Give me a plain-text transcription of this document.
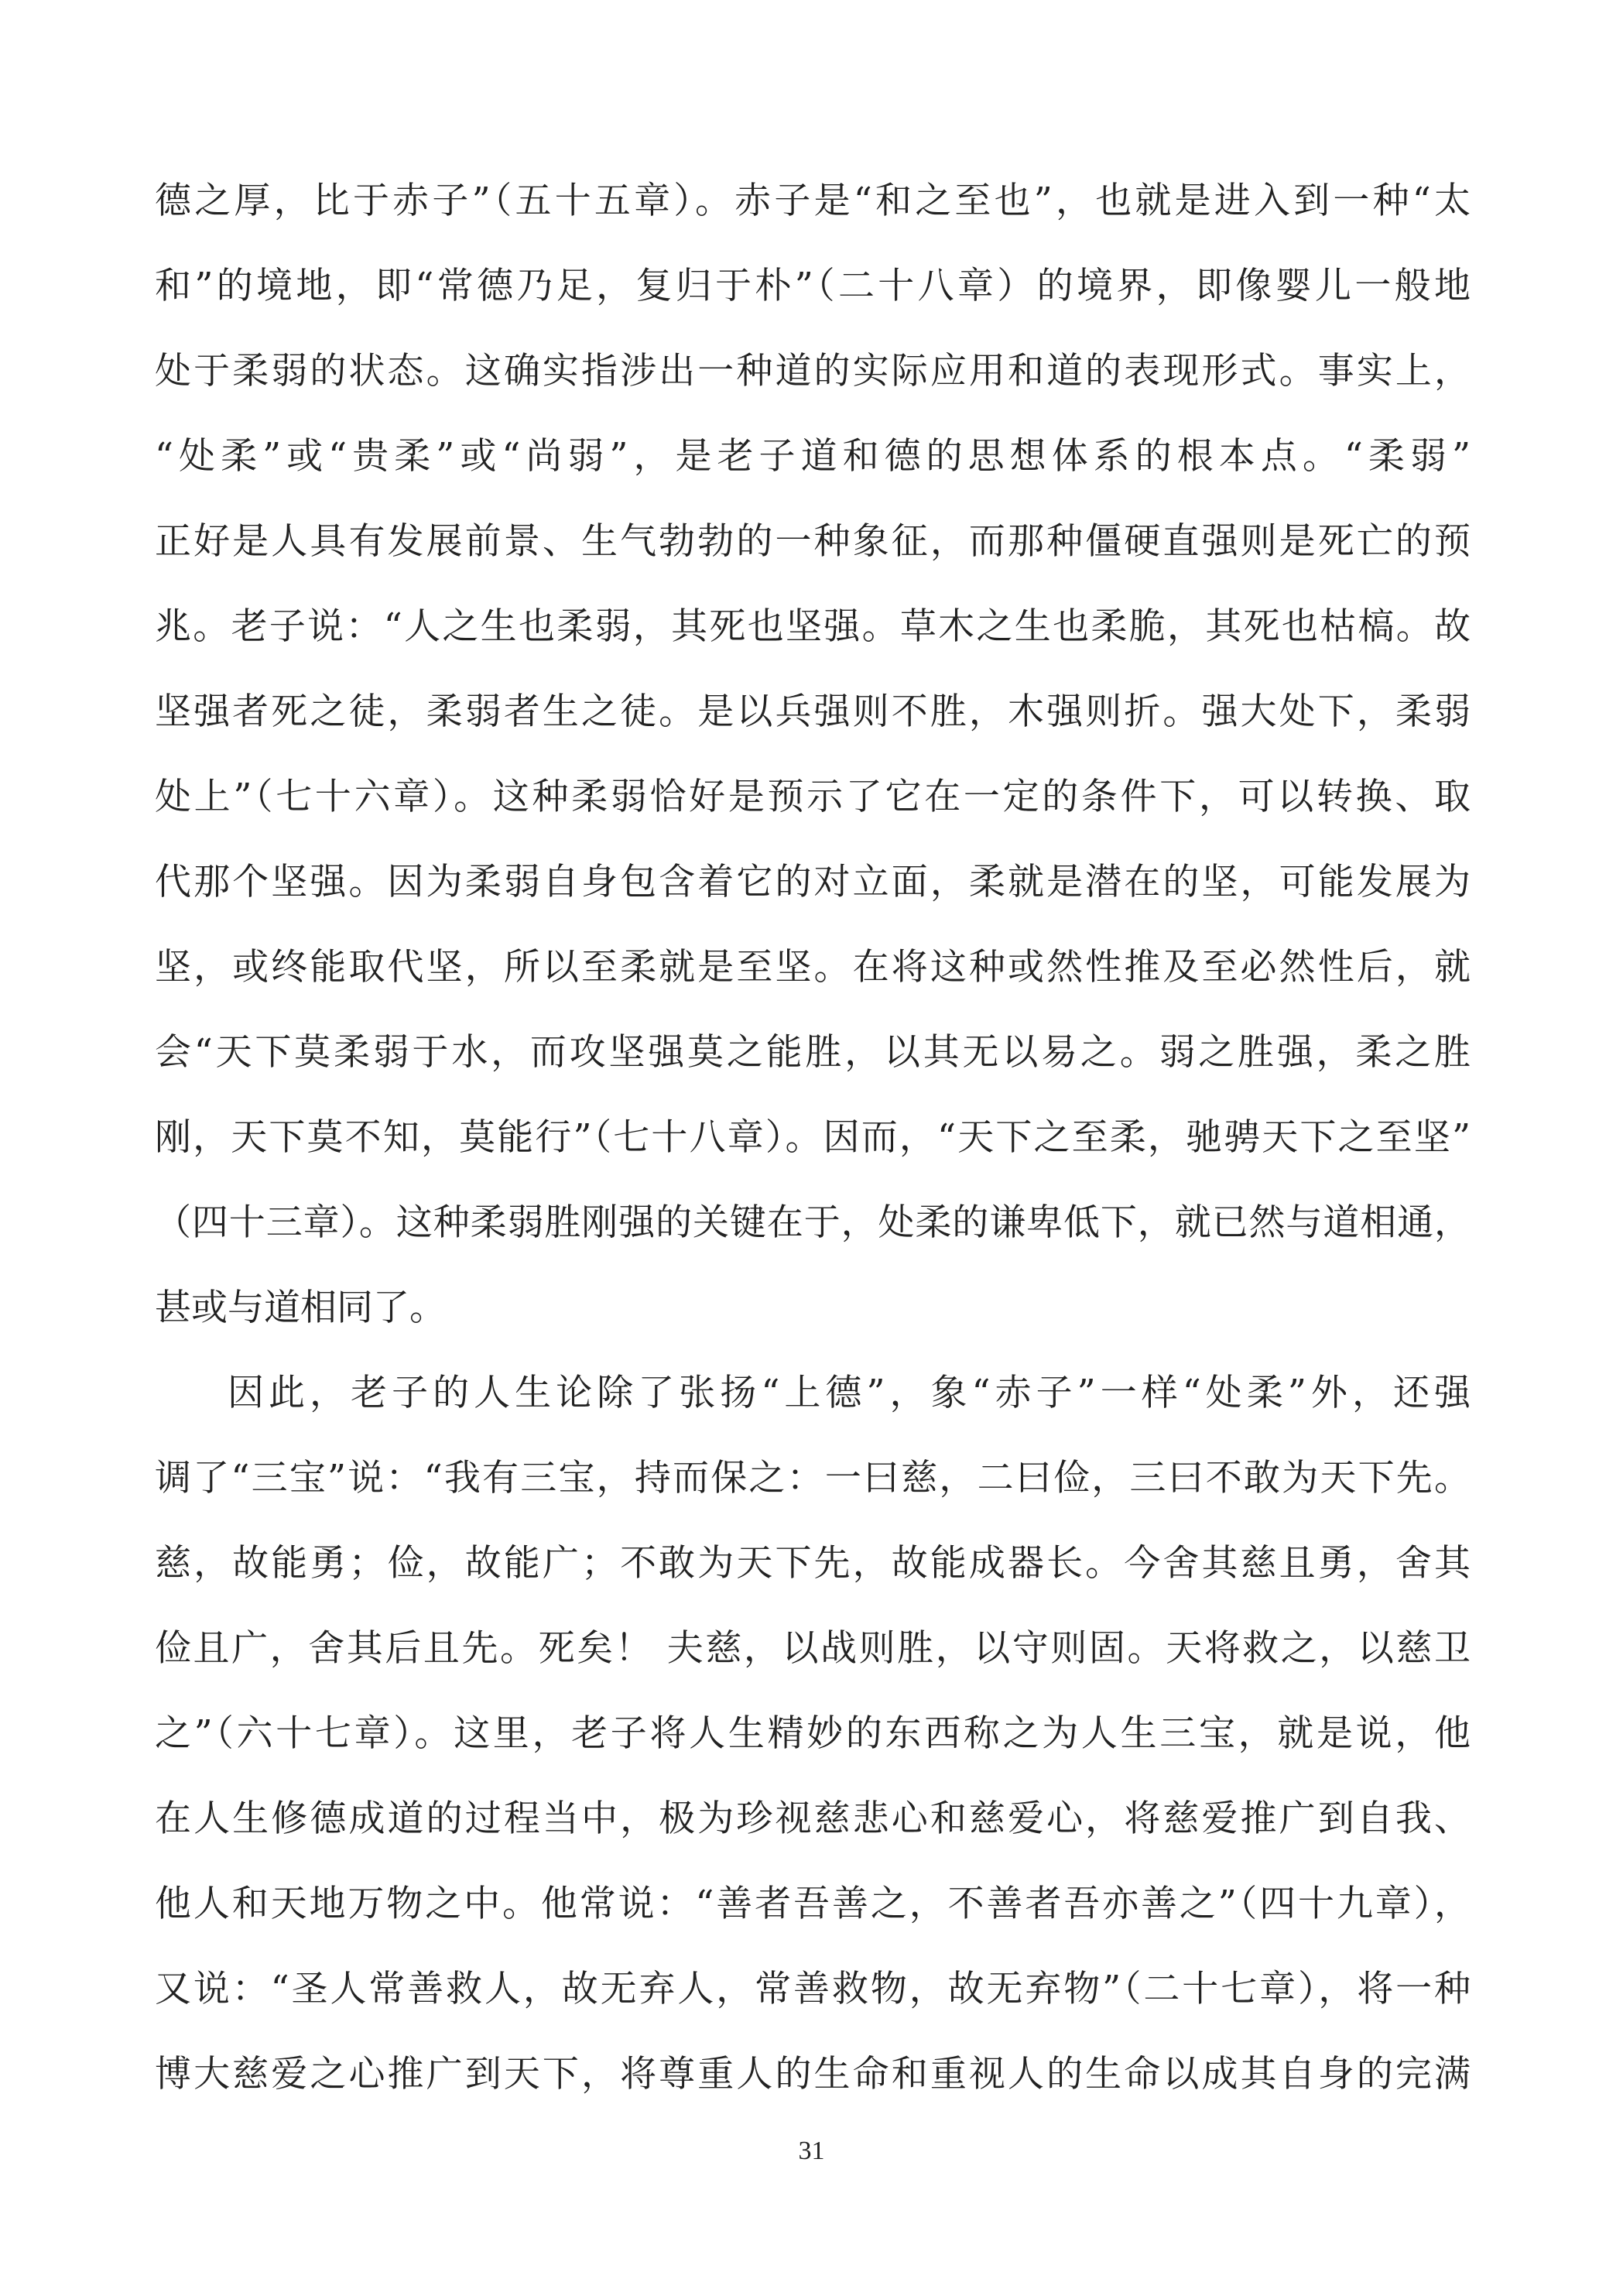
德之厚，比于赤子”（五十五章）。赤子是“和之至也”，也就是进入到一种“太
和”的境地，即“常德乃足，复归于朴”（二十八章）的境界，即像婴儿一般地
处于柔弱的状态。这确实指涉出一种道的实际应用和道的表现形式。事实上，
“处柔”或“贵柔”或“尚弱”，是老子道和德的思想体系的根本点。“柔弱”
正好是人具有发展前景、生气勃勃的一种象征，而那种僵硬直强则是死亡的预
兆。老子说：“人之生也柔弱，其死也坚强。草木之生也柔脆，其死也枯槁。故
坚强者死之徒，柔弱者生之徒。是以兵强则不胜，木强则折。强大处下，柔弱
处上”（七十六章）。这种柔弱恰好是预示了它在一定的条件下，可以转换、取
代那个坚强。因为柔弱自身包含着它的对立面，柔就是潜在的坚，可能发展为
坚，或终能取代坚，所以至柔就是至坚。在将这种或然性推及至必然性后，就
会“天下莫柔弱于水，而攻坚强莫之能胜，以其无以易之。弱之胜强，柔之胜
刚，天下莫不知，莫能行”（七十八章）。因而，“天下之至柔，驰骋天下之至坚”
（四十三章）。这种柔弱胜刚强的关键在于，处柔的谦卑低下，就已然与道相通，
甚或与道相同了。
因此，老子的人生论除了张扬“上德”，象“赤子”一样“处柔”外，还强
调了“三宝”说：“我有三宝，持而保之：一曰慈，二曰俭，三曰不敢为天下先。
慈，故能勇；俭，故能广；不敢为天下先，故能成器长。今舍其慈且勇，舍其
俭且广，舍其后且先。死矣！ 夫慈，以战则胜，以守则固。天将救之，以慈卫
之”（六十七章）。这里，老子将人生精妙的东西称之为人生三宝，就是说，他
在人生修德成道的过程当中，极为珍视慈悲心和慈爱心，将慈爱推广到自我、
他人和天地万物之中。他常说：“善者吾善之，不善者吾亦善之”（四十九章），
又说：“圣人常善救人，故无弃人，常善救物，故无弃物”（二十七章），将一种
博大慈爱之心推广到天下，将尊重人的生命和重视人的生命以成其自身的完满
31
